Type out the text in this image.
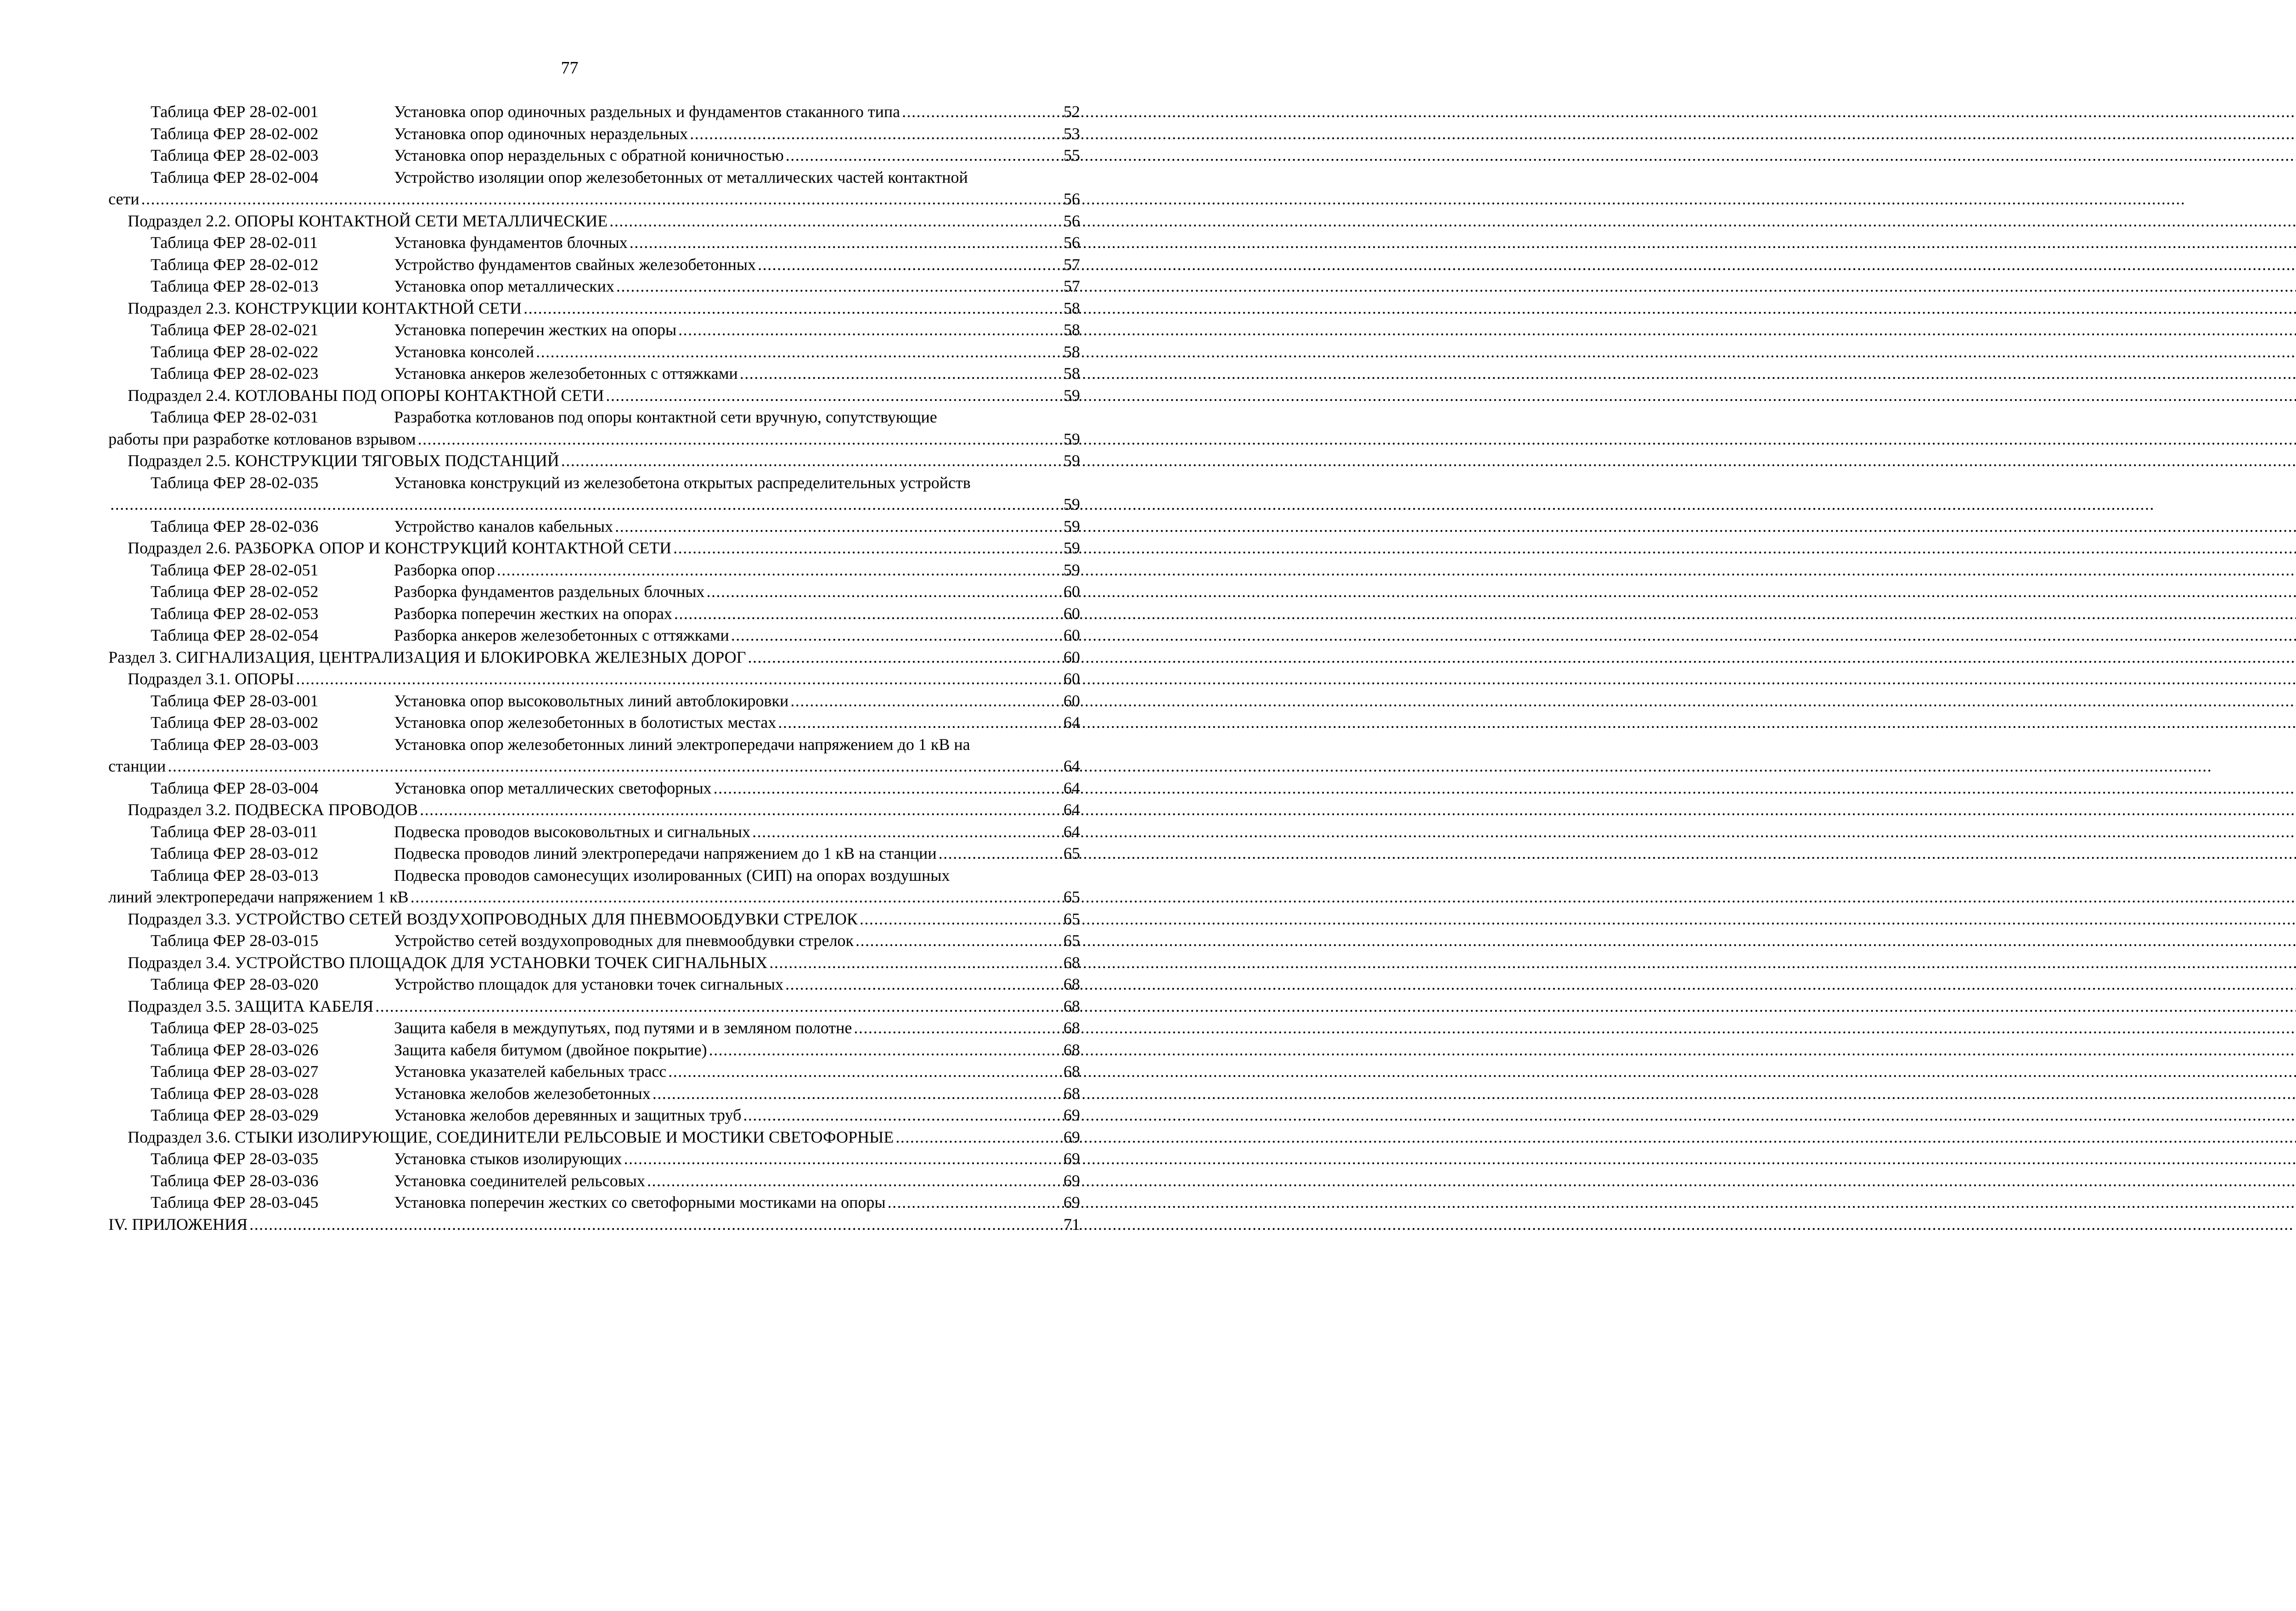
77
Таблица ФЕР 28-02-001	Установка опор одиночных раздельных и фундаментов стаканного типа .....	52
Таблица ФЕР 28-02-002	Установка опор одиночных нераздельных .....	53
Таблица ФЕР 28-02-003	Установка опор нераздельных с обратной коничностью .....	55
Таблица ФЕР 28-02-004	Устройство изоляции опор железобетонных от металлических частей контактной
сети .....	56
Подраздел 2.2. ОПОРЫ КОНТАКТНОЙ СЕТИ МЕТАЛЛИЧЕСКИЕ .....	56
Таблица ФЕР 28-02-011	Установка фундаментов блочных .....	56
Таблица ФЕР 28-02-012	Устройство фундаментов свайных железобетонных .....	57
Таблица ФЕР 28-02-013	Установка опор металлических .....	57
Подраздел 2.3. КОНСТРУКЦИИ КОНТАКТНОЙ СЕТИ .....	58
Таблица ФЕР 28-02-021	Установка поперечин жестких на опоры .....	58
Таблица ФЕР 28-02-022	Установка консолей .....	58
Таблица ФЕР 28-02-023	Установка анкеров железобетонных с оттяжками .....	58
Подраздел 2.4. КОТЛОВАНЫ ПОД ОПОРЫ КОНТАКТНОЙ СЕТИ .....	59
Таблица ФЕР 28-02-031	Разработка котлованов под опоры контактной сети вручную, сопутствующие
работы при разработке котлованов взрывом .....	59
Подраздел 2.5. КОНСТРУКЦИИ ТЯГОВЫХ ПОДСТАНЦИЙ .....	59
Таблица ФЕР 28-02-035	Установка конструкций из железобетона открытых распределительных устройств
.....
59
Таблица ФЕР 28-02-036	Устройство каналов кабельных .....	59
Подраздел 2.6. РАЗБОРКА ОПОР И КОНСТРУКЦИЙ КОНТАКТНОЙ СЕТИ .....	59
Таблица ФЕР 28-02-051	Разборка опор .....	59
Таблица ФЕР 28-02-052	Разборка фундаментов раздельных блочных .....	60
Таблица ФЕР 28-02-053	Разборка поперечин жестких на опорах .....	60
Таблица ФЕР 28-02-054	Разборка анкеров железобетонных с оттяжками .....	60
Раздел 3. СИГНАЛИЗАЦИЯ, ЦЕНТРАЛИЗАЦИЯ И БЛОКИРОВКА ЖЕЛЕЗНЫХ ДОРОГ .....	60
Подраздел 3.1. ОПОРЫ .....	60
Таблица ФЕР 28-03-001	Установка опор высоковольтных линий автоблокировки .....	60
Таблица ФЕР 28-03-002	Установка опор железобетонных в болотистых местах .....	64
Таблица ФЕР 28-03-003	Установка опор железобетонных линий электропередачи напряжением до 1 кВ на
станции .....	64
Таблица ФЕР 28-03-004	Установка опор металлических светофорных .....	64
Подраздел 3.2. ПОДВЕСКА ПРОВОДОВ .....	64
Таблица ФЕР 28-03-011	Подвеска проводов высоковольтных и сигнальных .....	64
Таблица ФЕР 28-03-012	Подвеска проводов линий электропередачи напряжением до 1 кВ на станции .....	65
Таблица ФЕР 28-03-013	Подвеска проводов самонесущих изолированных (СИП) на опорах воздушных
линий электропередачи напряжением 1 кВ .....	65
Подраздел 3.3. УСТРОЙСТВО СЕТЕЙ ВОЗДУХОПРОВОДНЫХ ДЛЯ ПНЕВМООБДУВКИ СТРЕЛОК .....	65
Таблица ФЕР 28-03-015	Устройство сетей воздухопроводных для пневмообдувки стрелок .....	65
Подраздел 3.4. УСТРОЙСТВО ПЛОЩАДОК ДЛЯ УСТАНОВКИ ТОЧЕК СИГНАЛЬНЫХ .....	68
Таблица ФЕР 28-03-020	Устройство площадок для установки точек сигнальных .....	68
Подраздел 3.5. ЗАЩИТА КАБЕЛЯ .....	68
Таблица ФЕР 28-03-025	Защита кабеля в междупутьях, под путями и в земляном полотне .....	68
Таблица ФЕР 28-03-026	Защита кабеля битумом (двойное покрытие) .....	68
Таблица ФЕР 28-03-027	Установка указателей кабельных трасс .....	68
Таблица ФЕР 28-03-028	Установка желобов железобетонных .....	68
Таблица ФЕР 28-03-029	Установка желобов деревянных и защитных труб .....	69
Подраздел 3.6. СТЫКИ ИЗОЛИРУЮЩИЕ, СОЕДИНИТЕЛИ РЕЛЬСОВЫЕ И МОСТИКИ СВЕТОФОРНЫЕ .....	69
Таблица ФЕР 28-03-035	Установка стыков изолирующих .....	69
Таблица ФЕР 28-03-036	Установка соединителей рельсовых .....	69
Таблица ФЕР 28-03-045	Установка поперечин жестких со светофорными мостиками на опоры .....	69
IV. ПРИЛОЖЕНИЯ .....	71
